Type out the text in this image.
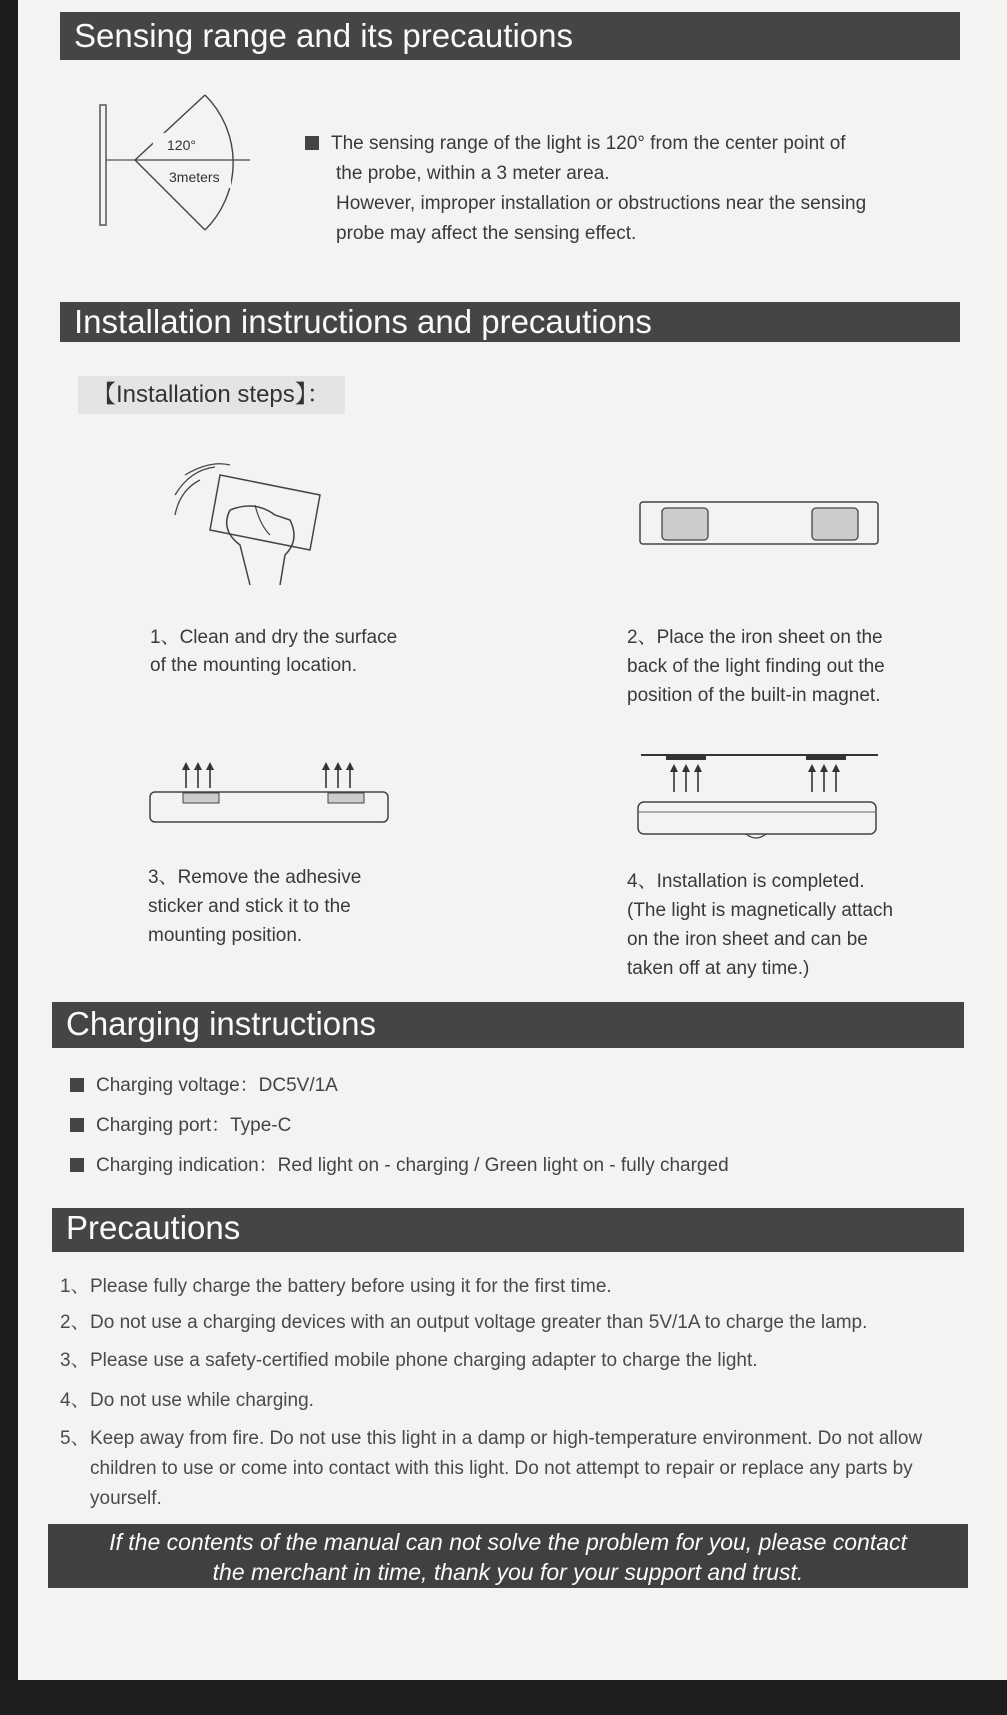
Sensing range and its precautions
120°
3meters
The sensing range of the light is 120° from the center point of
the probe, within a 3 meter area.
However, improper installation or obstructions near the sensing
probe may affect the sensing effect.
Installation instructions and precautions
【Installation steps】：
1、Clean and dry the surface
of the mounting location.
2、Place the iron sheet on the
back of the light finding out the
position of the built-in magnet.
3、Remove the adhesive
sticker and stick it to the
mounting position.
4、Installation is completed.
(The light is magnetically attach
on the iron sheet and can be
taken off at any time.)
Charging instructions
Charging voltage：DC5V/1A
Charging port：Type-C
Charging indication：Red light on - charging / Green light on - fully charged
Precautions
1、Please fully charge the battery before using it for the first time.
2、Do not use a charging devices with an output voltage greater than 5V/1A to charge the lamp.
3、Please use a safety-certified mobile phone charging adapter to charge the light.
4、Do not use while charging.
5、 Keep away from fire. Do not use this light in a damp or high-temperature environment. Do not allow children to use or come into contact with this light. Do not attempt to repair or replace any parts by yourself.
If the contents of the manual can not solve the problem for you, please contact
the merchant in time, thank you for your support and trust.
